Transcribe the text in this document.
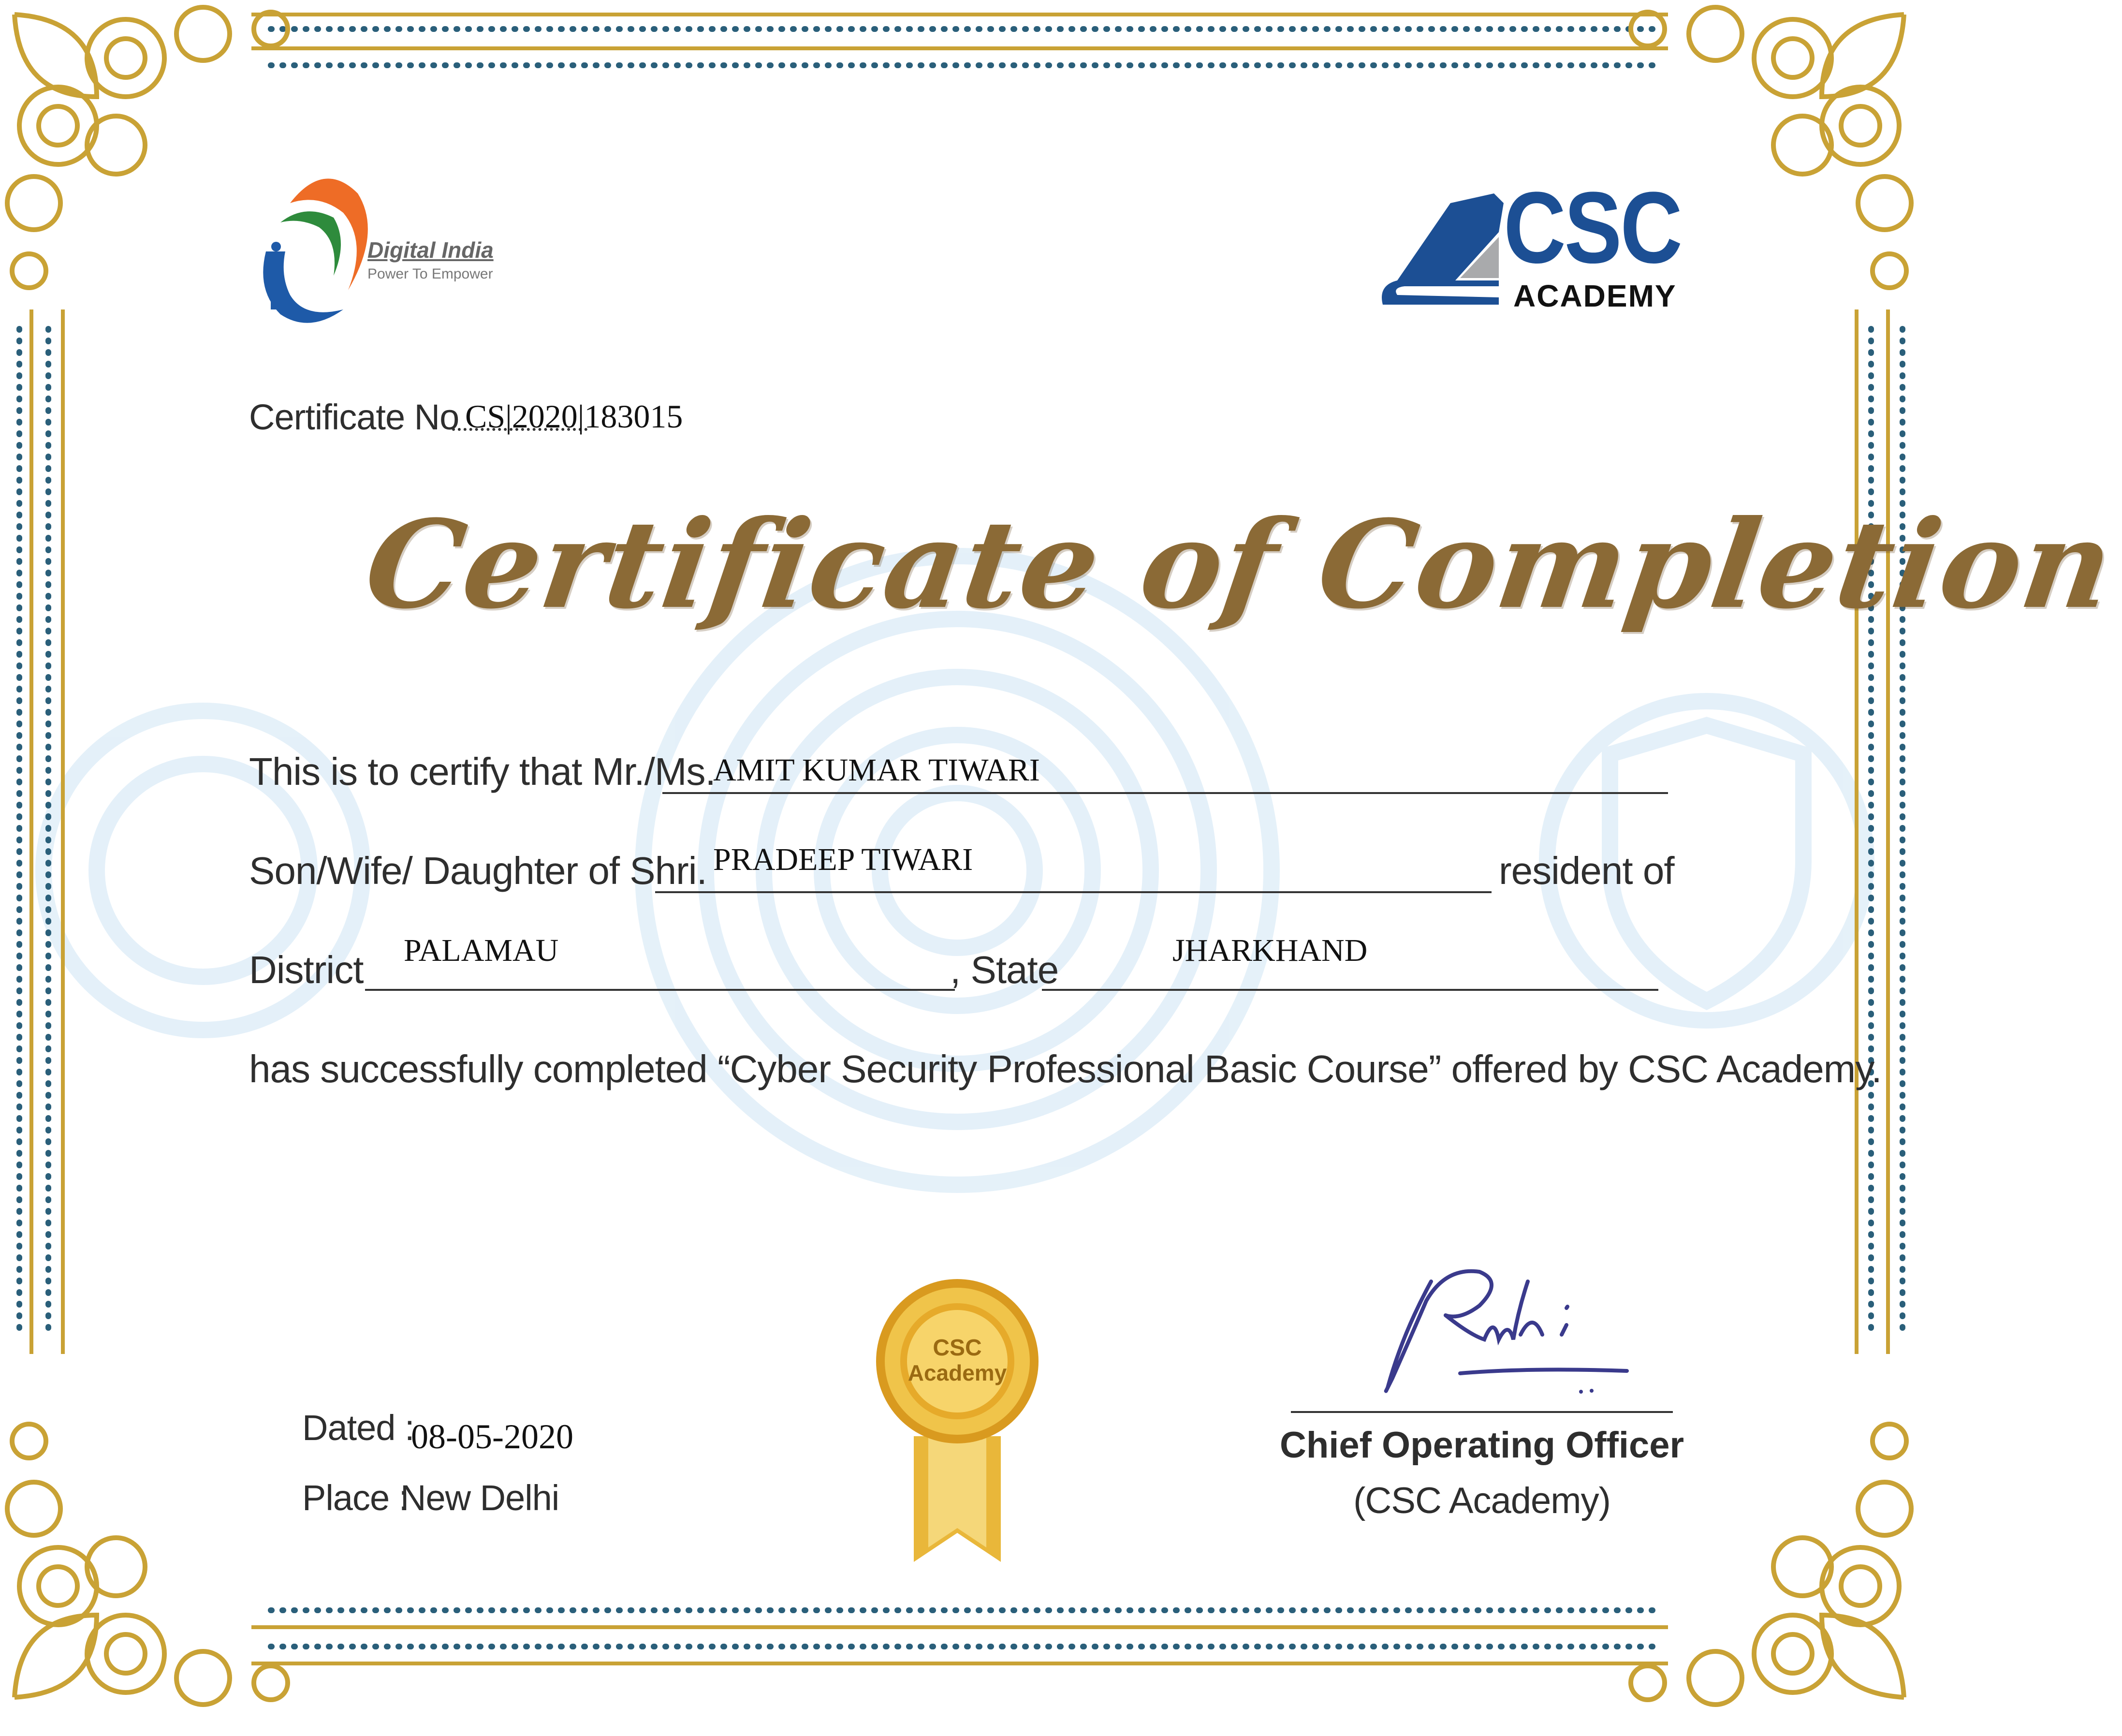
Digital India
Power To Empower	CSC
ACADEMY
Certificate No CS|2020|183015
Certificate of Completion
This is to certify that Mr./Ms.
AMIT KUMAR TIWARI
Son/Wife/ Daughter of Shri. PRADEEP TIWARI	resident of
District PALAMAU	, State	JHARKHAND
has successfully completed “Cyber Security Professional Basic Course” offered by CSC Academy.
Dated :
08-05-2020
Place :
New Delhi
CSC
Academy
Chief Operating Officer
(CSC Academy)
